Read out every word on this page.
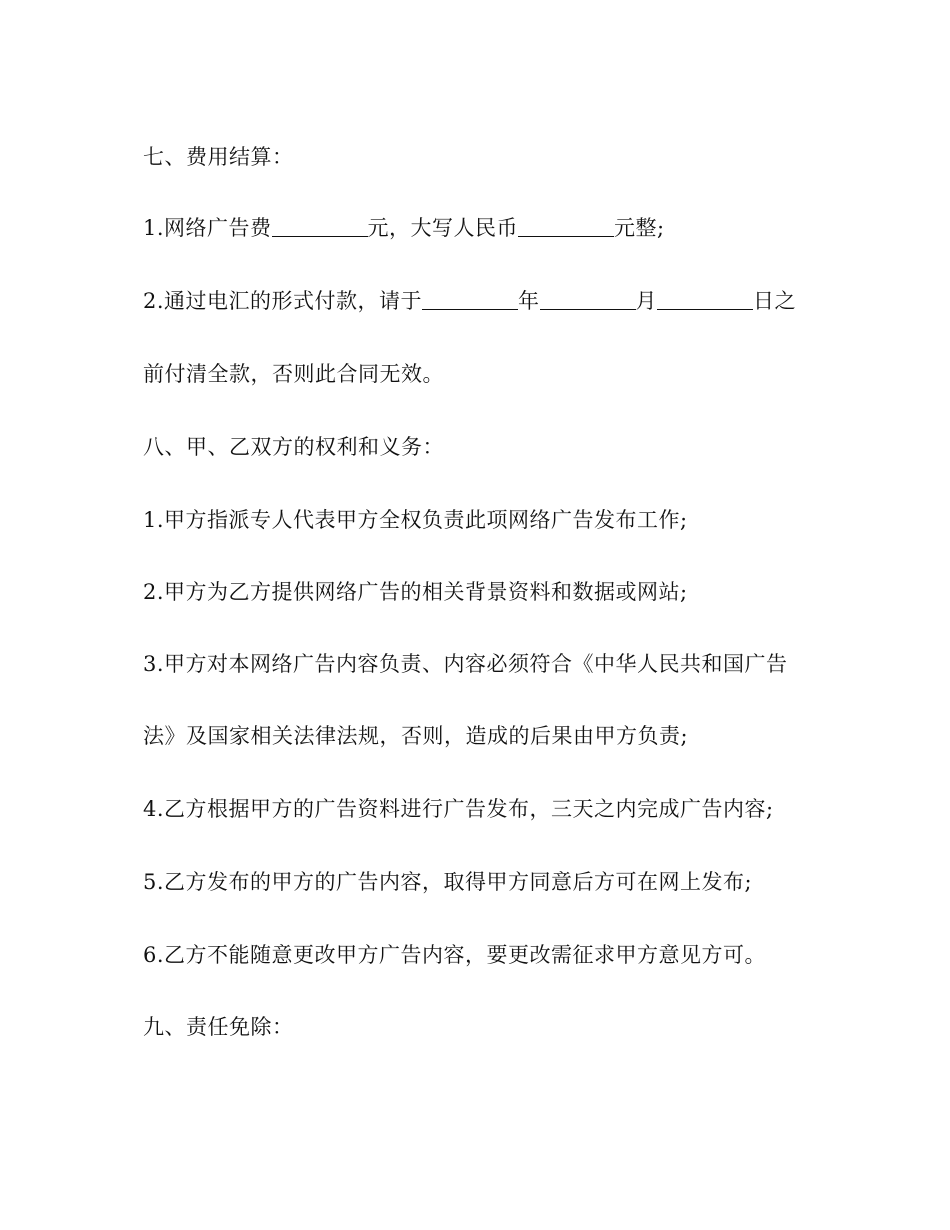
七、费用结算：
1.网络广告费	元，大写人民币	元整;
2.通过电汇的形式付款，请于	年	月	日之
前付清全款，否则此合同无效。
八、甲、乙双方的权利和义务：
1.甲方指派专人代表甲方全权负责此项网络广告发布工作;
2.甲方为乙方提供网络广告的相关背景资料和数据或网站;
3.甲方对本网络广告内容负责、内容必须符合《中华人民共和国广告
法》及国家相关法律法规，否则，造成的后果由甲方负责;
4.乙方根据甲方的广告资料进行广告发布，三天之内完成广告内容;
5.乙方发布的甲方的广告内容，取得甲方同意后方可在网上发布;
6.乙方不能随意更改甲方广告内容，要更改需征求甲方意见方可。
九、责任免除：
